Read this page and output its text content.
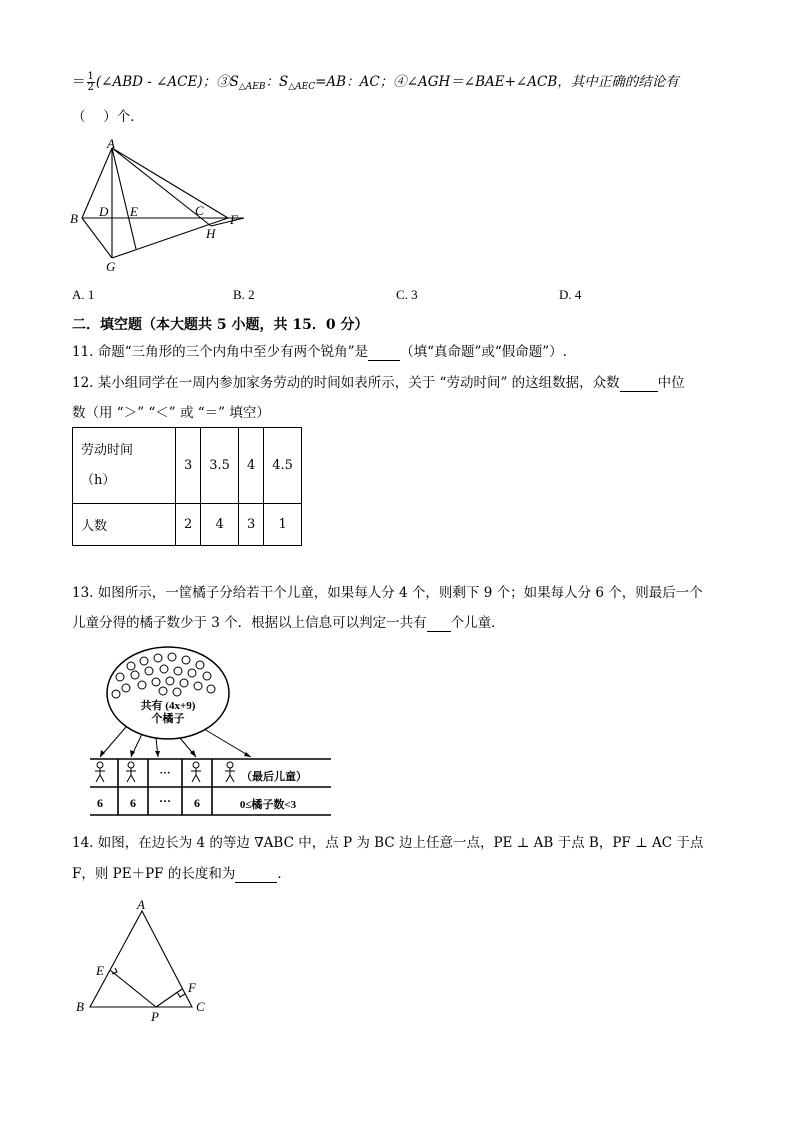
＝ $\frac{1}{2}$ (∠ABD - ∠ACE)；$③S_{\triangle AEB}$：$S_{\triangle AEC}=AB$：AC；④∠AGH＝∠BAE+∠ACB，其中正确的结论有
（　 ）个．
A
B D E	C
F
H
G
A. 1	B. 2	C. 3	D. 4
二．填空题（本大题共 5 小题，共 15．0 分）
11. 命题“三角形的三个内角中至少有两个锐角”是 （填“真命题”或“假命题”）.
12. 某小组同学在一周内参加家务劳动的时间如表所示，关于 “劳动时间” 的这组数据，众数	中位
数（用 “＞” “＜” 或 “＝” 填空）
劳动时间
（h）	3	3.5	4	4.5
人数	2	4	3	1
13. 如图所示，一筐橘子分给若干个儿童，如果每人分 4 个，则剩下 9 个；如果每人分 6 个，则最后一个
儿童分得的橘子数少于 3 个．根据以上信息可以判定一共有 个儿童．
共有 (4x+9)
个橘子
···	（最后儿童）
6 6 ··· 6	0≤橘子数<3
14. 如图，在边长为 4 的等边 ∇ABC 中，点 P 为 BC 边上任意一点，PE ⊥ AB 于点 B，PF ⊥ AC 于点
F，则 PE＋PF 的长度和为	．
A
E
F
B
P
C
